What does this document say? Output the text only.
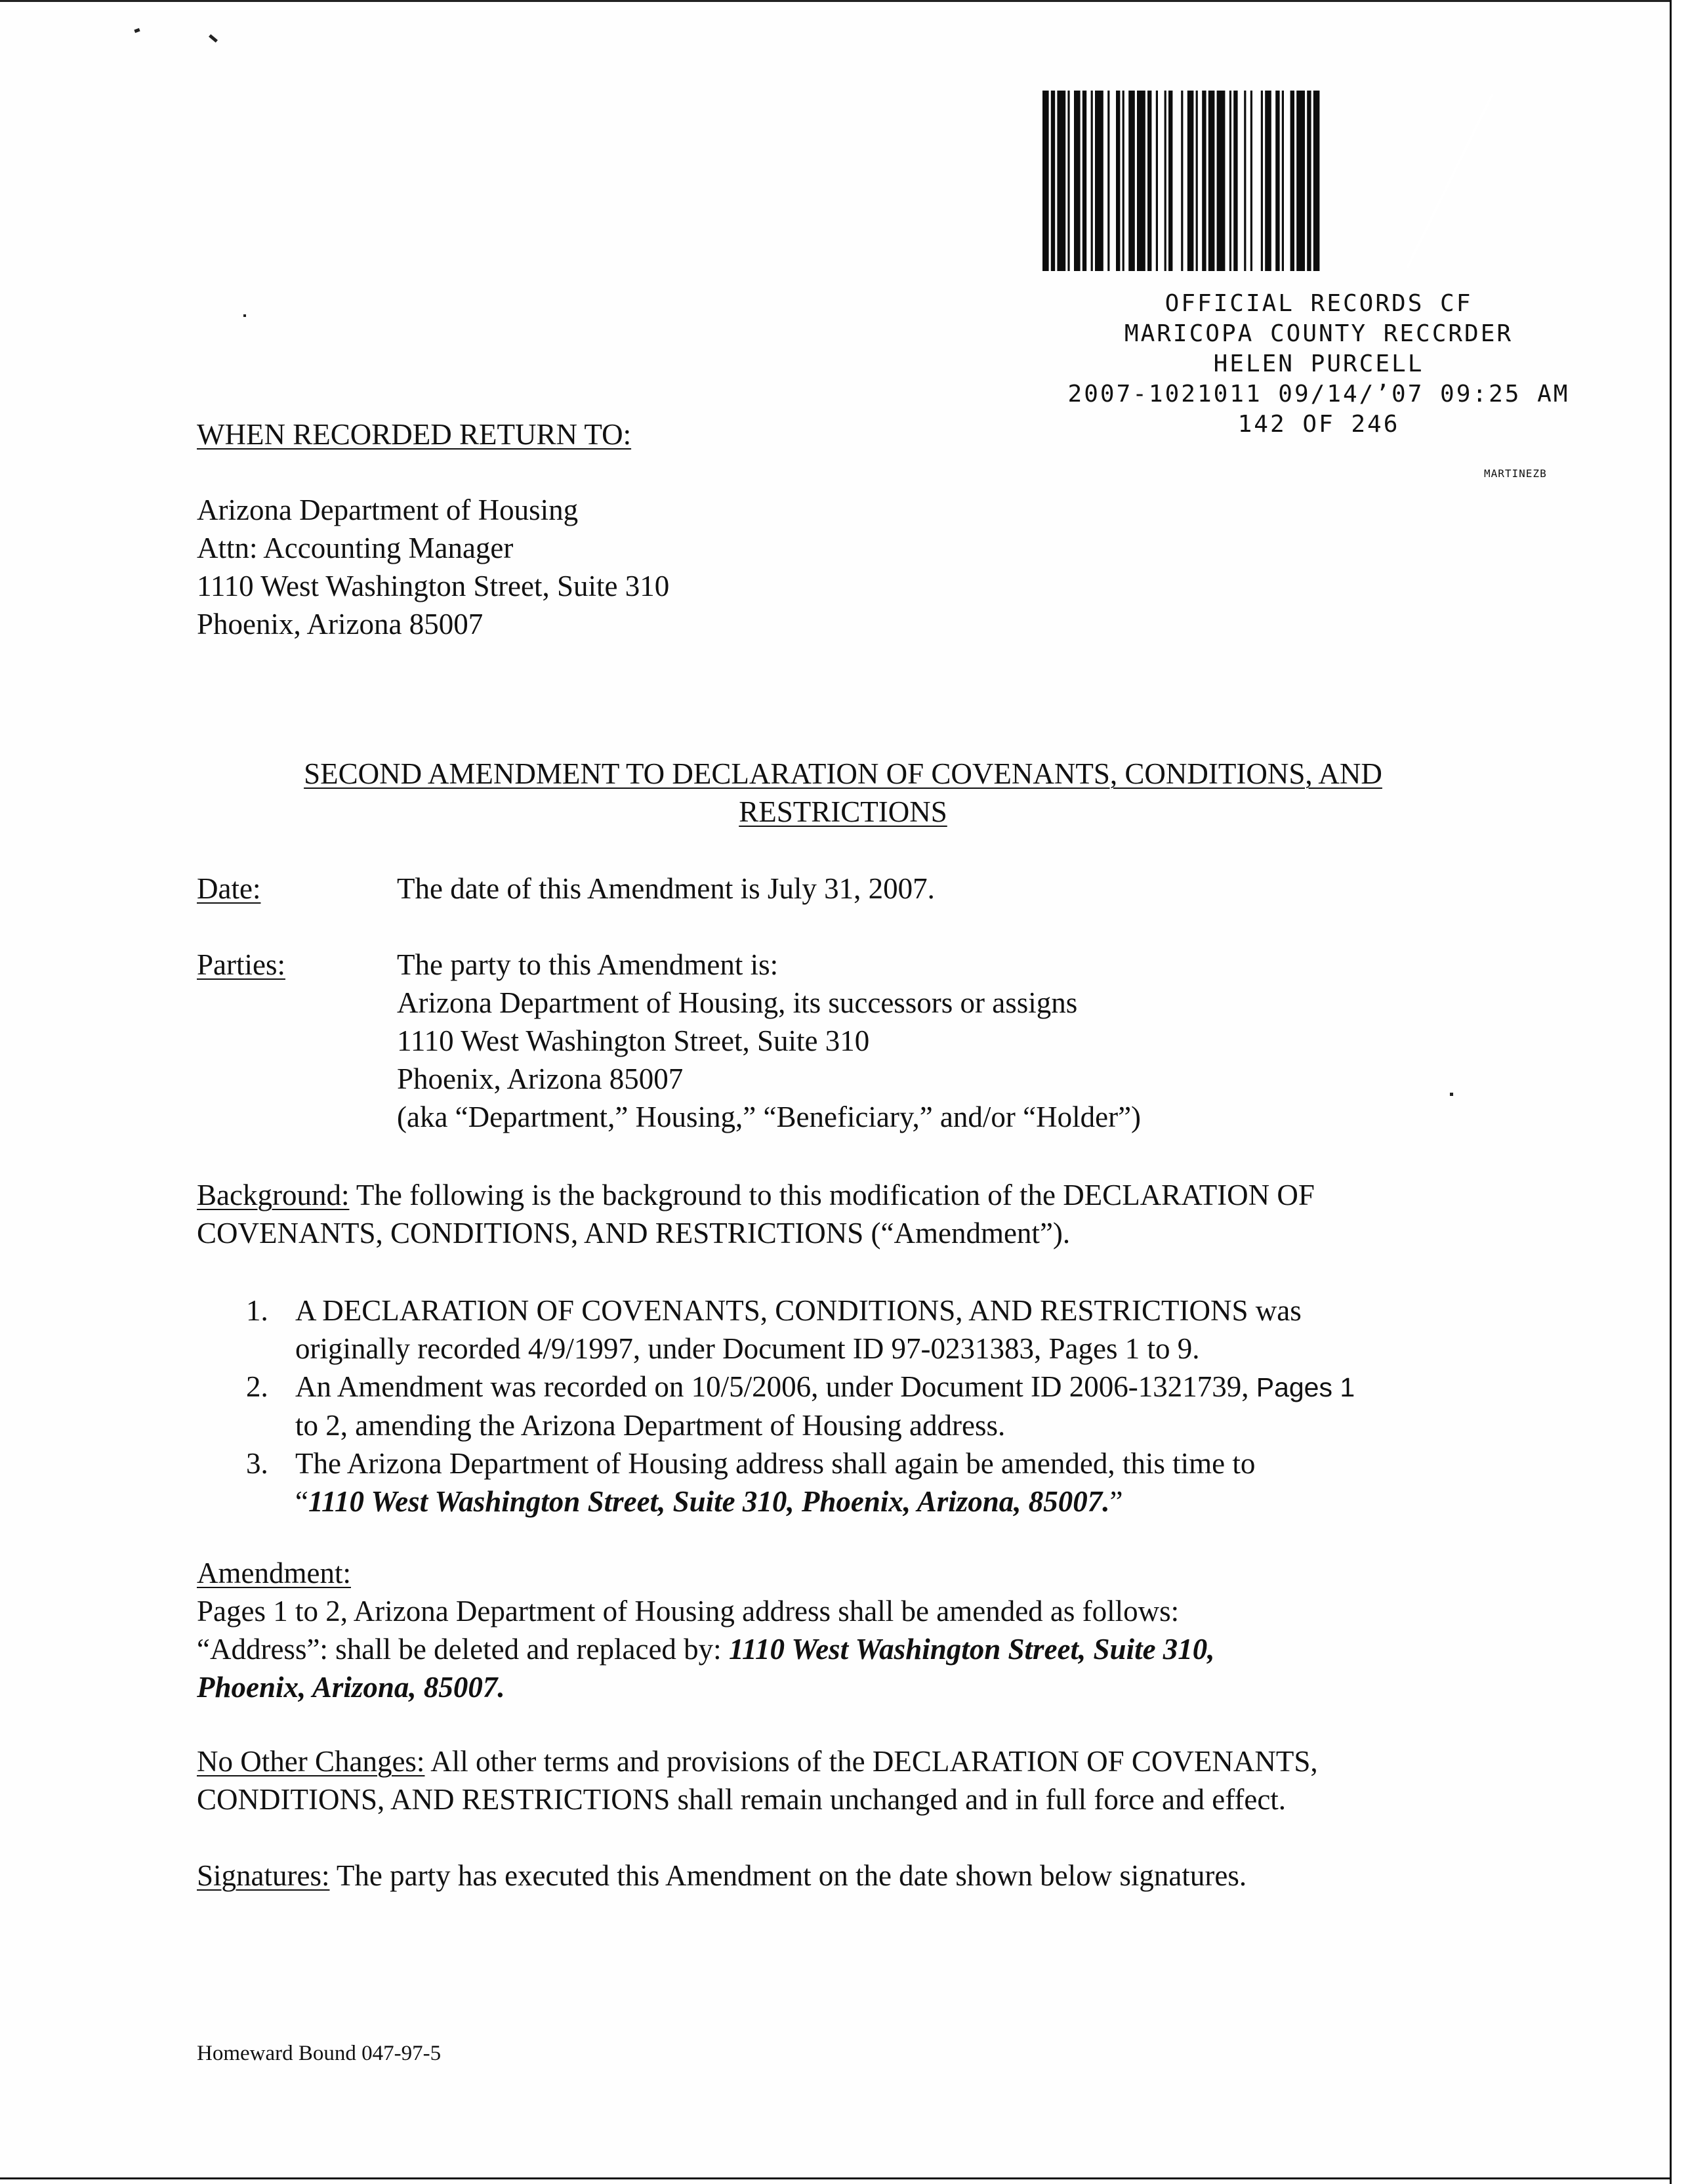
OFFICIAL RECORDS CF
MARICOPA COUNTY RECCRDER
HELEN PURCELL
2007-1021011 09/14/ʼ07 09:25 AM
142 OF 246
MARTINEZB
WHEN RECORDED RETURN TO:
Arizona Department of Housing
Attn: Accounting Manager
1110 West Washington Street, Suite 310
Phoenix, Arizona 85007
SECOND AMENDMENT TO DECLARATION OF COVENANTS, CONDITIONS, AND
RESTRICTIONS
Date:	The date of this Amendment is July 31, 2007.
Parties:	The party to this Amendment is:
Arizona Department of Housing, its successors or assigns
1110 West Washington Street, Suite 310
Phoenix, Arizona 85007
(aka “Department,” Housing,” “Beneficiary,” and/or “Holder”)
Background: The following is the background to this modification of the DECLARATION OF
COVENANTS, CONDITIONS, AND RESTRICTIONS (“Amendment”).
1. A DECLARATION OF COVENANTS, CONDITIONS, AND RESTRICTIONS was
originally recorded 4/9/1997, under Document ID 97-0231383, Pages 1 to 9.
2. An Amendment was recorded on 10/5/2006, under Document ID 2006-1321739, Pages 1
to 2, amending the Arizona Department of Housing address.
3. The Arizona Department of Housing address shall again be amended, this time to
“1110 West Washington Street, Suite 310, Phoenix, Arizona, 85007.”
Amendment:
Pages 1 to 2, Arizona Department of Housing address shall be amended as follows:
“Address”: shall be deleted and replaced by: 1110 West Washington Street, Suite 310,
Phoenix, Arizona, 85007.
No Other Changes: All other terms and provisions of the DECLARATION OF COVENANTS,
CONDITIONS, AND RESTRICTIONS shall remain unchanged and in full force and effect.
Signatures: The party has executed this Amendment on the date shown below signatures.
Homeward Bound 047-97-5
